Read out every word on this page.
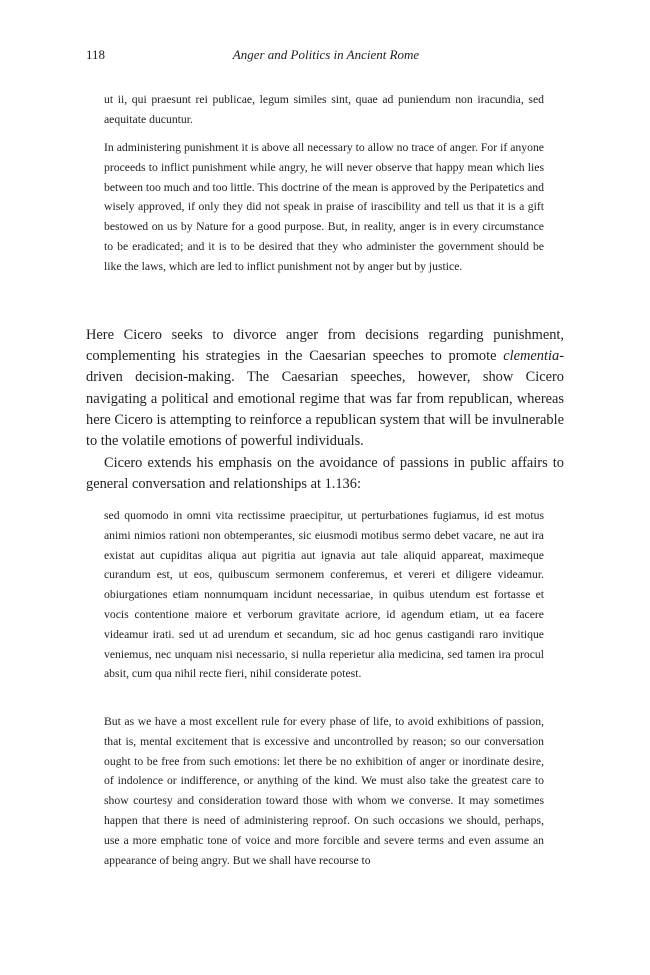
118	Anger and Politics in Ancient Rome

ut ii, qui praesunt rei publicae, legum similes sint, quae ad puniendum non iracundia, sed aequitate ducuntur.

In administering punishment it is above all necessary to allow no trace of anger. For if anyone proceeds to inflict punishment while angry, he will never observe that happy mean which lies between too much and too little. This doctrine of the mean is approved by the Peripatetics and wisely approved, if only they did not speak in praise of irascibility and tell us that it is a gift bestowed on us by Nature for a good purpose. But, in reality, anger is in every circumstance to be eradicated; and it is to be desired that they who administer the government should be like the laws, which are led to inflict punishment not by anger but by justice.

Here Cicero seeks to divorce anger from decisions regarding punishment, complementing his strategies in the Caesarian speeches to promote clementia-driven decision-making. The Caesarian speeches, however, show Cicero navigating a political and emotional regime that was far from republican, whereas here Cicero is attempting to reinforce a republican system that will be invulnerable to the volatile emotions of powerful individuals.

Cicero extends his emphasis on the avoidance of passions in public affairs to general conversation and relationships at 1.136:

sed quomodo in omni vita rectissime praecipitur, ut perturbationes fugiamus, id est motus animi nimios rationi non obtemperantes, sic eiusmodi motibus sermo debet vacare, ne aut ira existat aut cupiditas aliqua aut pigritia aut ignavia aut tale aliquid appareat, maximeque curandum est, ut eos, quibuscum sermonem conferemus, et vereri et diligere videamur. obiurgationes etiam nonnumquam incidunt necessariae, in quibus utendum est fortasse et vocis contentione maiore et verborum gravitate acriore, id agendum etiam, ut ea facere videamur irati. sed ut ad urendum et secandum, sic ad hoc genus castigandi raro invitique veniemus, nec unquam nisi necessario, si nulla reperietur alia medicina, sed tamen ira procul absit, cum qua nihil recte fieri, nihil considerate potest.

But as we have a most excellent rule for every phase of life, to avoid exhibitions of passion, that is, mental excitement that is excessive and uncontrolled by reason; so our conversation ought to be free from such emotions: let there be no exhibition of anger or inordinate desire, of indolence or indifference, or anything of the kind. We must also take the greatest care to show courtesy and consideration toward those with whom we converse. It may sometimes happen that there is need of administering reproof. On such occasions we should, perhaps, use a more emphatic tone of voice and more forcible and severe terms and even assume an appearance of being angry. But we shall have recourse to
